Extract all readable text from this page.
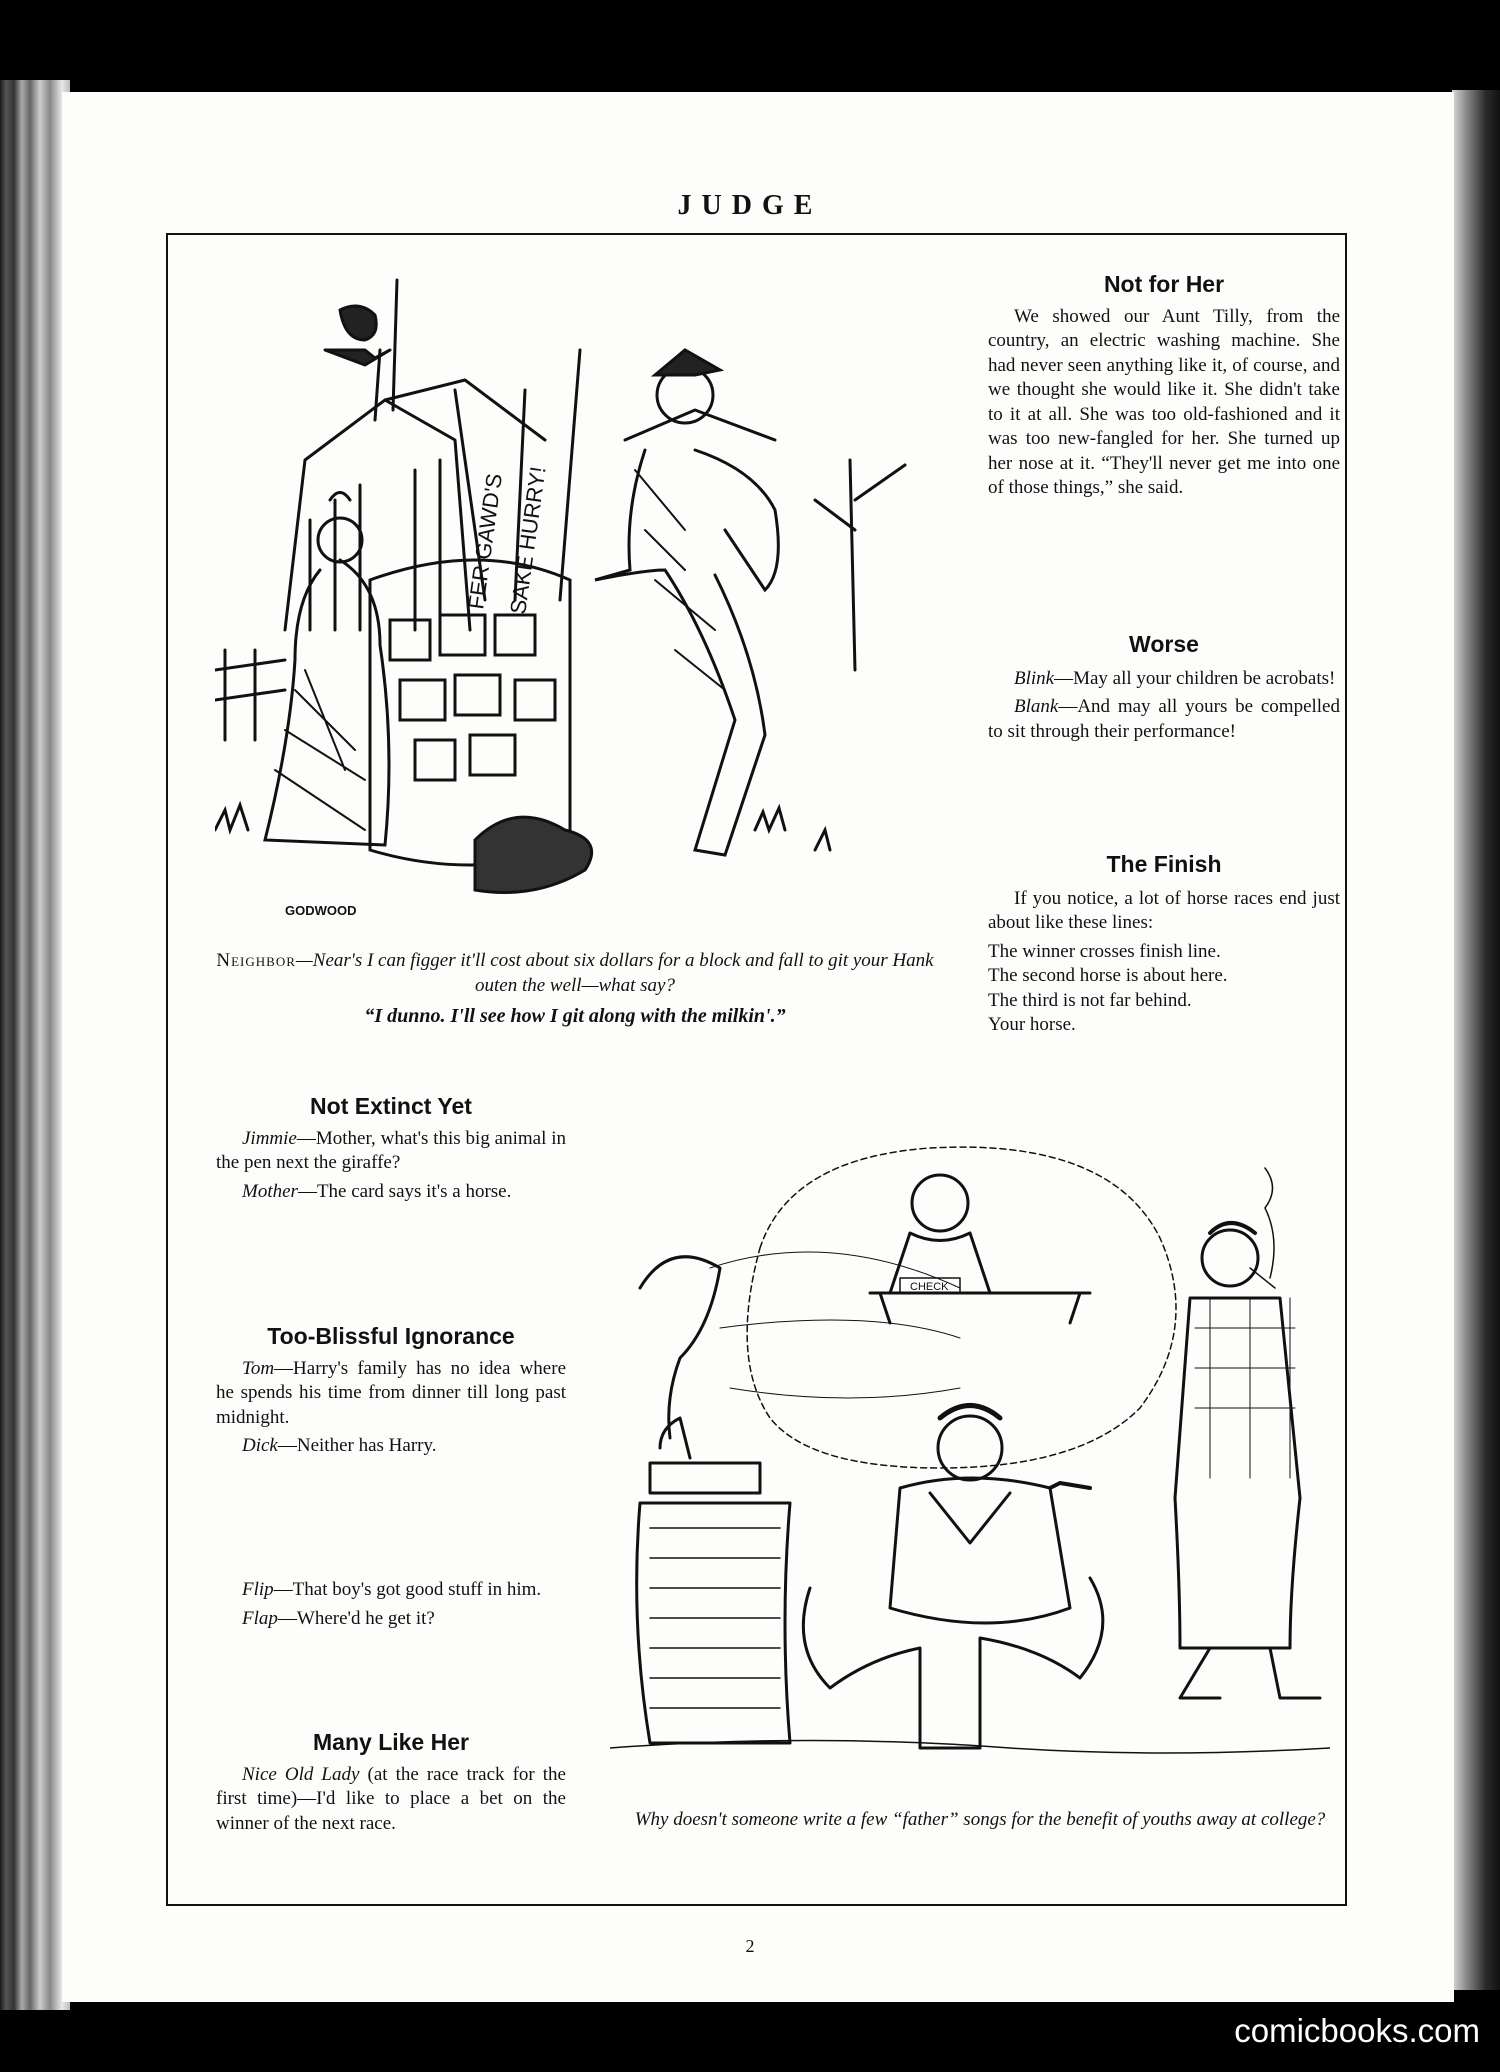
JUDGE
FER GAWD'S
SAKE HURRY!
GODWOOD
Neighbor—Near's I can figger it'll cost about six dollars for a block and fall to git your Hank outen the well—what say?
“I dunno. I'll see how I git along with the milkin'.”
Not for Her

We showed our Aunt Tilly, from the country, an electric washing machine. She had never seen anything like it, of course, and we thought she would like it. She didn't take to it at all. She was too old-fashioned and it was too new-fangled for her. She turned up her nose at it. “They'll never get me into one of those things,” she said.

Worse

Blink—May all your children be acrobats!

Blank—And may all yours be compelled to sit through their performance!

The Finish

If you notice, a lot of horse races end just about like these lines:

The winner crosses finish line.

The second horse is about here.

The third is not far behind.

Your horse.

Not Extinct Yet

Jimmie—Mother, what's this big animal in the pen next the giraffe?

Mother—The card says it's a horse.

Too-Blissful Ignorance

Tom—Harry's family has no idea where he spends his time from dinner till long past midnight.

Dick—Neither has Harry.

Flip—That boy's got good stuff in him.

Flap—Where'd he get it?

Many Like Her

Nice Old Lady (at the race track for the first time)—I'd like to place a bet on the winner of the next race.

CHECK
Why doesn't someone write a few “father” songs for the benefit of youths away at college?
2
comicbooks.com
